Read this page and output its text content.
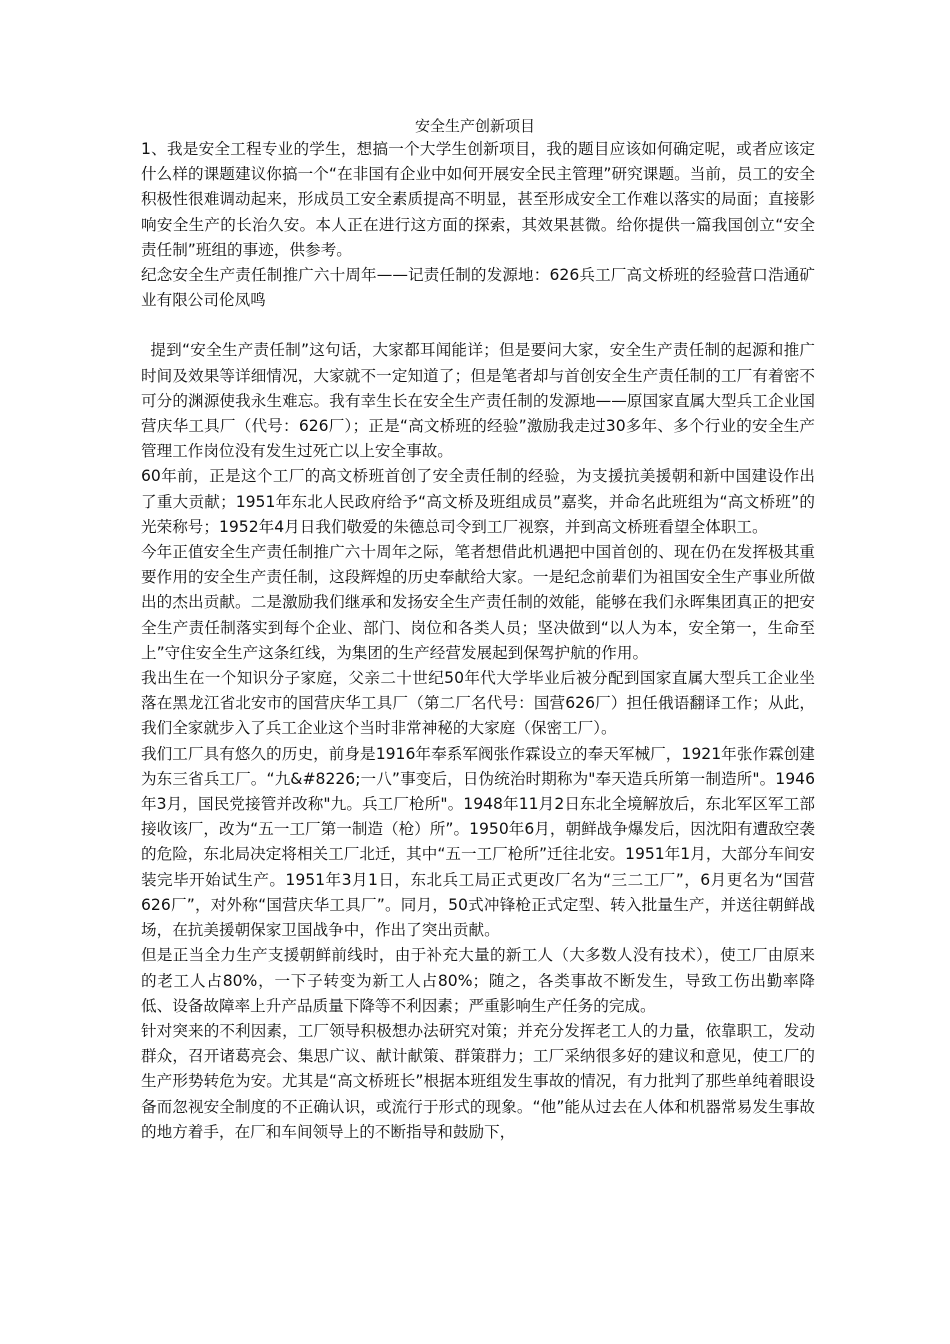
安全生产创新项目

1、我是安全工程专业的学生，想搞一个大学生创新项目，我的题目应该如何确定呢，或者应该定什么样的课题建议你搞一个“在非国有企业中如何开展安全民主管理”研究课题。当前，员工的安全积极性很难调动起来，形成员工安全素质提高不明显，甚至形成安全工作难以落实的局面；直接影响安全生产的长治久安。本人正在进行这方面的探索，其效果甚微。给你提供一篇我国创立“安全责任制”班组的事迹，供参考。

纪念安全生产责任制推广六十周年——记责任制的发源地：626兵工厂高文桥班的经验营口浩通矿业有限公司伦凤鸣

提到“安全生产责任制”这句话，大家都耳闻能详；但是要问大家，安全生产责任制的起源和推广时间及效果等详细情况，大家就不一定知道了；但是笔者却与首创安全生产责任制的工厂有着密不可分的渊源使我永生难忘。我有幸生长在安全生产责任制的发源地——原国家直属大型兵工企业国营庆华工具厂（代号：626厂）；正是“高文桥班的经验”激励我走过30多年、多个行业的安全生产管理工作岗位没有发生过死亡以上安全事故。

60年前，正是这个工厂的高文桥班首创了安全责任制的经验，为支援抗美援朝和新中国建设作出了重大贡献；1951年东北人民政府给予“高文桥及班组成员”嘉奖，并命名此班组为“高文桥班”的光荣称号；1952年4月日我们敬爱的朱德总司令到工厂视察，并到高文桥班看望全体职工。

今年正值安全生产责任制推广六十周年之际，笔者想借此机遇把中国首创的、现在仍在发挥极其重要作用的安全生产责任制，这段辉煌的历史奉献给大家。一是纪念前辈们为祖国安全生产事业所做出的杰出贡献。二是激励我们继承和发扬安全生产责任制的效能，能够在我们永晖集团真正的把安全生产责任制落实到每个企业、部门、岗位和各类人员；坚决做到“以人为本，安全第一，生命至上”守住安全生产这条红线，为集团的生产经营发展起到保驾护航的作用。

我出生在一个知识分子家庭，父亲二十世纪50年代大学毕业后被分配到国家直属大型兵工企业坐落在黑龙江省北安市的国营庆华工具厂（第二厂名代号：国营626厂）担任俄语翻译工作；从此，我们全家就步入了兵工企业这个当时非常神秘的大家庭（保密工厂）。

我们工厂具有悠久的历史，前身是1916年奉系军阀张作霖设立的奉天军械厂，1921年张作霖创建为东三省兵工厂。“九&#8226;一八”事变后，日伪统治时期称为"奉天造兵所第一制造所"。1946年3月，国民党接管并改称"九。兵工厂枪所"。1948年11月2日东北全境解放后，东北军区军工部接收该厂，改为“五一工厂第一制造（枪）所”。1950年6月，朝鲜战争爆发后，因沈阳有遭敌空袭的危险，东北局决定将相关工厂北迁，其中“五一工厂枪所”迁往北安。1951年1月，大部分车间安装完毕开始试生产。1951年3月1日，东北兵工局正式更改厂名为“三二工厂”，6月更名为“国营626厂”，对外称“国营庆华工具厂”。同月，50式冲锋枪正式定型、转入批量生产，并送往朝鲜战场，在抗美援朝保家卫国战争中，作出了突出贡献。

但是正当全力生产支援朝鲜前线时，由于补充大量的新工人（大多数人没有技术），使工厂由原来的老工人占80%，一下子转变为新工人占80%；随之，各类事故不断发生，导致工伤出勤率降低、设备故障率上升产品质量下降等不利因素；严重影响生产任务的完成。

针对突来的不利因素，工厂领导积极想办法研究对策；并充分发挥老工人的力量，依靠职工，发动群众，召开诸葛亮会、集思广议、献计献策、群策群力；工厂采纳很多好的建议和意见，使工厂的生产形势转危为安。尤其是“高文桥班长”根据本班组发生事故的情况，有力批判了那些单纯着眼设备而忽视安全制度的不正确认识，或流行于形式的现象。“他”能从过去在人体和机器常易发生事故的地方着手，在厂和车间领导上的不断指导和鼓励下，
